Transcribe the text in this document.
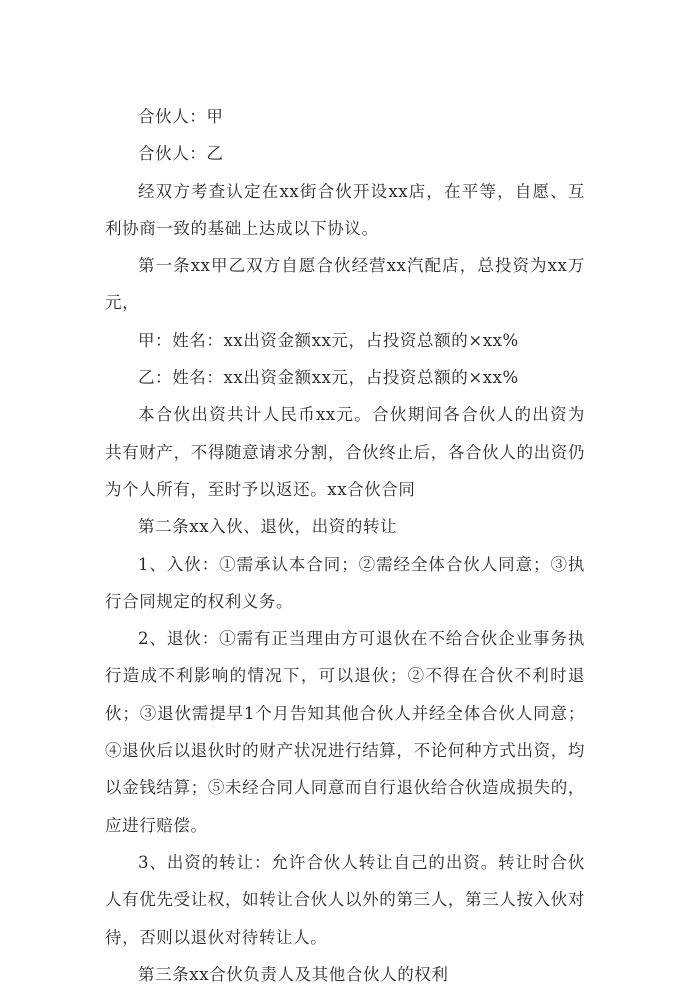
合伙人：甲

合伙人：乙

经双方考查认定在xx街合伙开设xx店，在平等，自愿、互利协商一致的基础上达成以下协议。

第一条xx甲乙双方自愿合伙经营xx汽配店，总投资为xx万元，

甲：姓名：xx出资金额xx元，占投资总额的×xx%

乙：姓名：xx出资金额xx元，占投资总额的×xx%

本合伙出资共计人民币xx元。合伙期间各合伙人的出资为共有财产，不得随意请求分割，合伙终止后，各合伙人的出资仍为个人所有，至时予以返还。xx合伙合同

第二条xx入伙、退伙，出资的转让

1、入伙：①需承认本合同；②需经全体合伙人同意；③执行合同规定的权利义务。

2、退伙：①需有正当理由方可退伙在不给合伙企业事务执行造成不利影响的情况下，可以退伙；②不得在合伙不利时退伙；③退伙需提早1个月告知其他合伙人并经全体合伙人同意；④退伙后以退伙时的财产状况进行结算，不论何种方式出资，均以金钱结算；⑤未经合同人同意而自行退伙给合伙造成损失的，应进行赔偿。

3、出资的转让：允许合伙人转让自己的出资。转让时合伙人有优先受让权，如转让合伙人以外的第三人，第三人按入伙对待，否则以退伙对待转让人。

第三条xx合伙负责人及其他合伙人的权利
